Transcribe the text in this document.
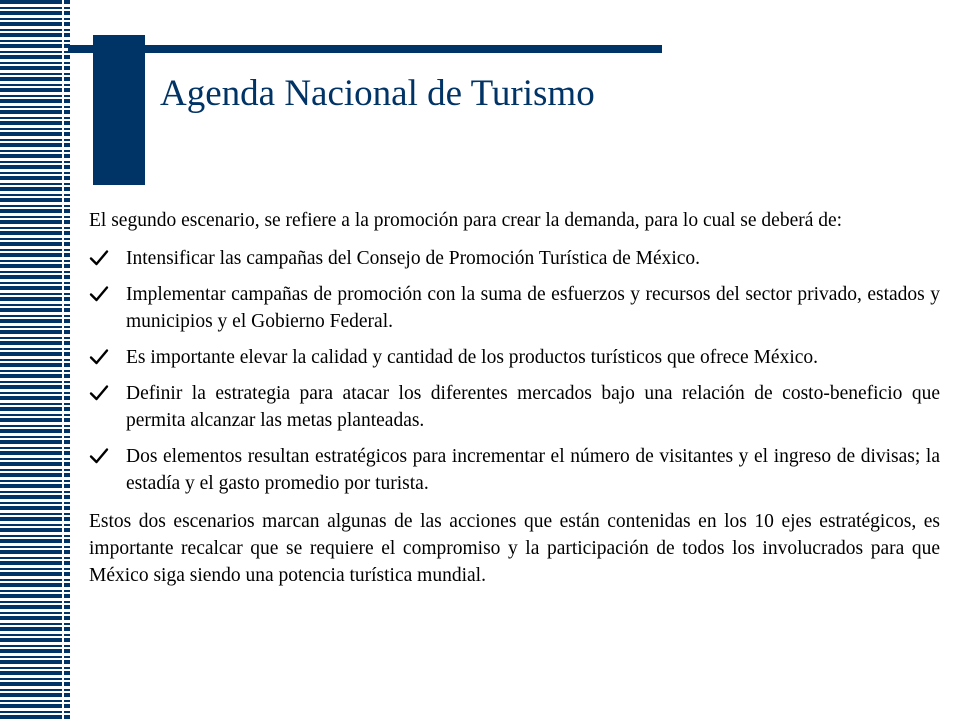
Agenda Nacional de Turismo

El segundo escenario, se refiere a la promoción para crear la demanda, para lo cual se deberá de:

Intensificar las campañas del Consejo de Promoción Turística de México.
Implementar campañas de promoción con la suma de esfuerzos y recursos del sector privado, estados y municipios y el Gobierno Federal.
Es importante elevar la calidad y cantidad de los productos turísticos que ofrece México.
Definir la estrategia para atacar los diferentes mercados bajo una relación de costo-beneficio que permita alcanzar las metas planteadas.
Dos elementos resultan estratégicos para incrementar el número de visitantes y el ingreso de divisas; la estadía y el gasto promedio por turista.

Estos dos escenarios marcan algunas de las acciones que están contenidas en los 10 ejes estratégicos, es importante recalcar que se requiere el compromiso y la participación de todos los involucrados para que México siga siendo una potencia turística mundial.
